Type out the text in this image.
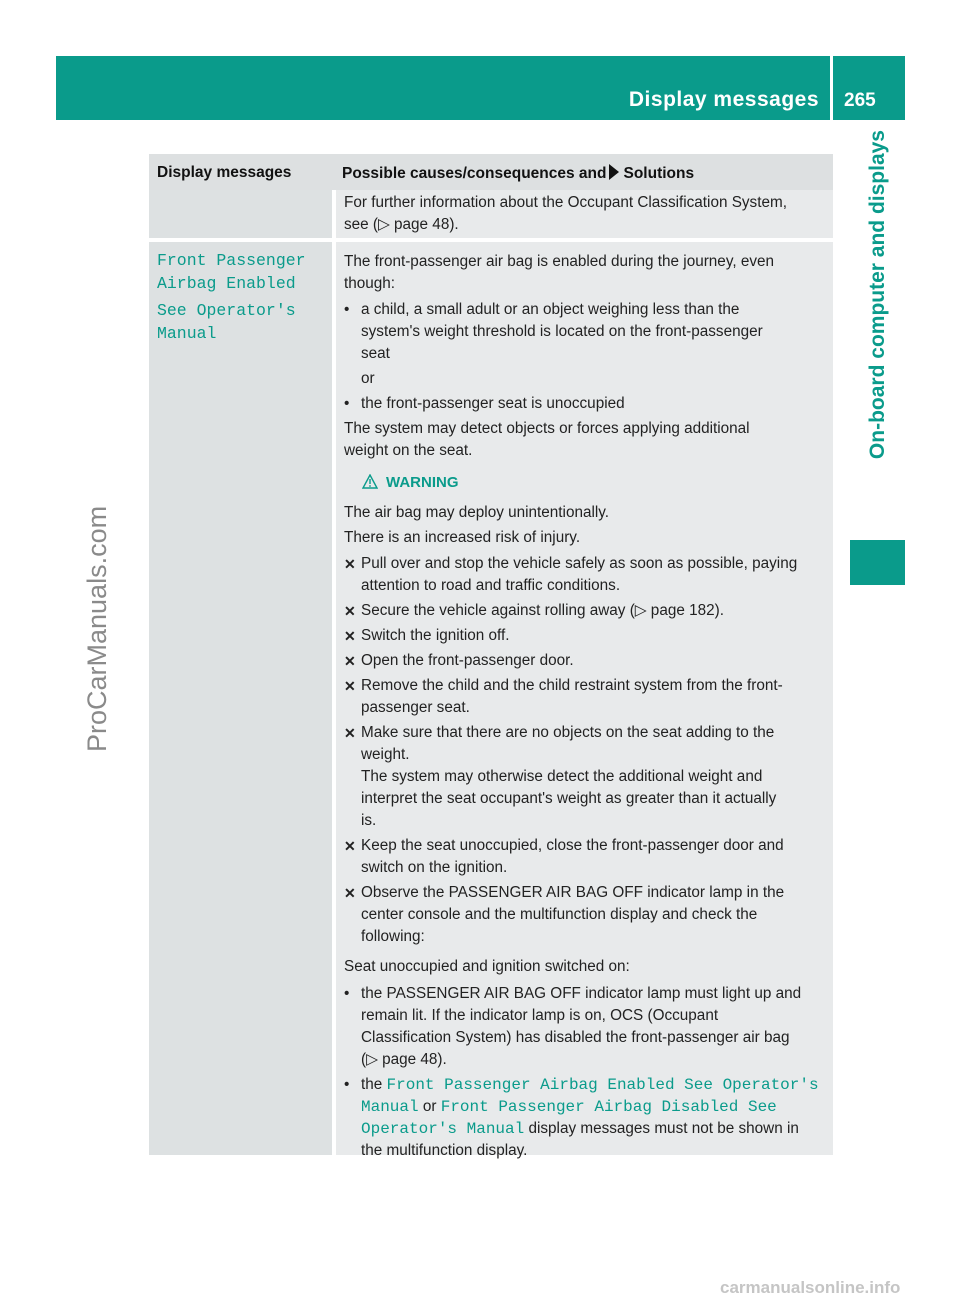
Display messages 265
On-board computer and displays
ProCarManuals.com
carmanualsonline.info
Display messages	Possible causes/consequences and Solutions

For further information about the Occupant Classification System,

see (▷ page 48).

Front Passenger
Airbag Enabled
See Operator's
Manual

The front-passenger air bag is enabled during the journey, even

though:

• a child, a small adult or an object weighing less than the
system's weight threshold is located on the front-passenger
seat
or
• the front-passenger seat is unoccupied

The system may detect objects or forces applying additional

weight on the seat.

WARNING

The air bag may deploy unintentionally.

There is an increased risk of injury.

✕ Pull over and stop the vehicle safely as soon as possible, paying
attention to road and traffic conditions.
✕ Secure the vehicle against rolling away (▷ page 182).
✕ Switch the ignition off.
✕ Open the front-passenger door.
✕ Remove the child and the child restraint system from the front-
passenger seat.
✕ Make sure that there are no objects on the seat adding to the
weight.
The system may otherwise detect the additional weight and
interpret the seat occupant's weight as greater than it actually
is.
✕ Keep the seat unoccupied, close the front-passenger door and
switch on the ignition.
✕ Observe the PASSENGER AIR BAG OFF indicator lamp in the
center console and the multifunction display and check the
following:

Seat unoccupied and ignition switched on:

• the PASSENGER AIR BAG OFF indicator lamp must light up and
remain lit. If the indicator lamp is on, OCS (Occupant
Classification System) has disabled the front-passenger air bag
(▷ page 48).
• the Front Passenger Airbag Enabled See Operator's
Manual or Front Passenger Airbag Disabled See
Operator's Manual display messages must not be shown in
the multifunction display.
